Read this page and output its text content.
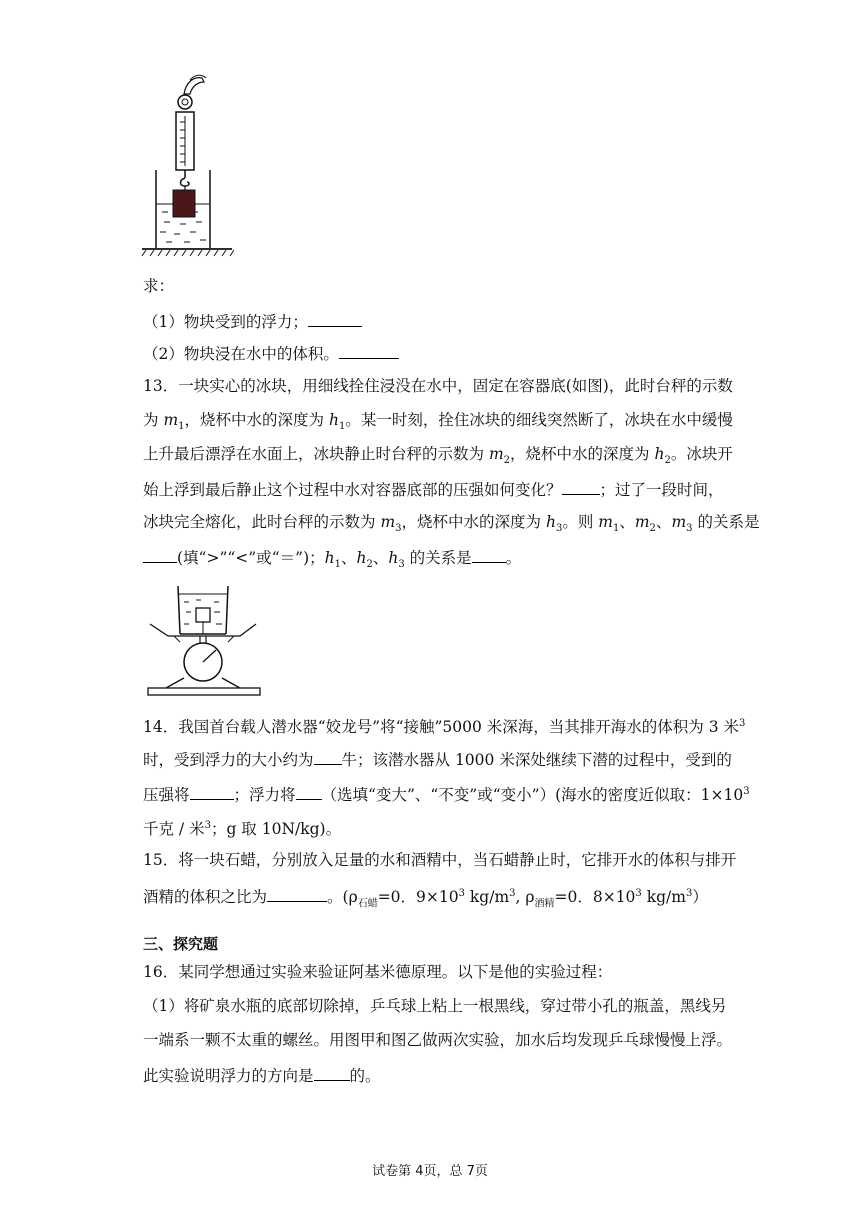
求：
（1）物块受到的浮力；
（2）物块浸在水中的体积。
13．一块实心的冰块，用细线拴住浸没在水中，固定在容器底(如图)，此时台秤的示数
为 $m_1$，烧杯中水的深度为 $h_1$。某一时刻，拴住冰块的细线突然断了，冰块在水中缓慢
上升最后漂浮在水面上，冰块静止时台秤的示数为 $m_2$，烧杯中水的深度为 $h_2$。冰块开
始上浮到最后静止这个过程中水对容器底部的压强如何变化？ ；过了一段时间，
冰块完全熔化，此时台秤的示数为 $m_3$，烧杯中水的深度为 $h_3$。则 $m_1$、$m_2$、$m_3$ 的关系是
(填“>”“<”或“＝”)；$h_1$、$h_2$、$h_3$ 的关系是 。
14．我国首台载人潜水器“姣龙号”将“接触”5000 米深海，当其排开海水的体积为 3 米$^3$
时，受到浮力的大小约为 牛；该潜水器从 1000 米深处继续下潜的过程中，受到的
压强将	；浮力将 （选填“变大”、“不变”或“变小”）(海水的密度近似取：$1\times 10^3$
千克 / 米$^3$；g 取 10N/kg)。
15．将一块石蜡，分别放入足量的水和酒精中，当石蜡静止时，它排开水的体积与排开
酒精的体积之比为	。($\rho_{石蜡}=0$．$9\times 10^3$ $kg/m^3$, $\rho_{酒精}=0$．$8\times 10^3$ $kg/m^3$）
三、探究题
16．某同学想通过实验来验证阿基米德原理。以下是他的实验过程：
（1）将矿泉水瓶的底部切除掉，乒乓球上粘上一根黑线，穿过带小孔的瓶盖，黑线另
一端系一颗不太重的螺丝。用图甲和图乙做两次实验，加水后均发现乒乓球慢慢上浮。
此实验说明浮力的方向是 的。
试卷第 4页，总 7页
